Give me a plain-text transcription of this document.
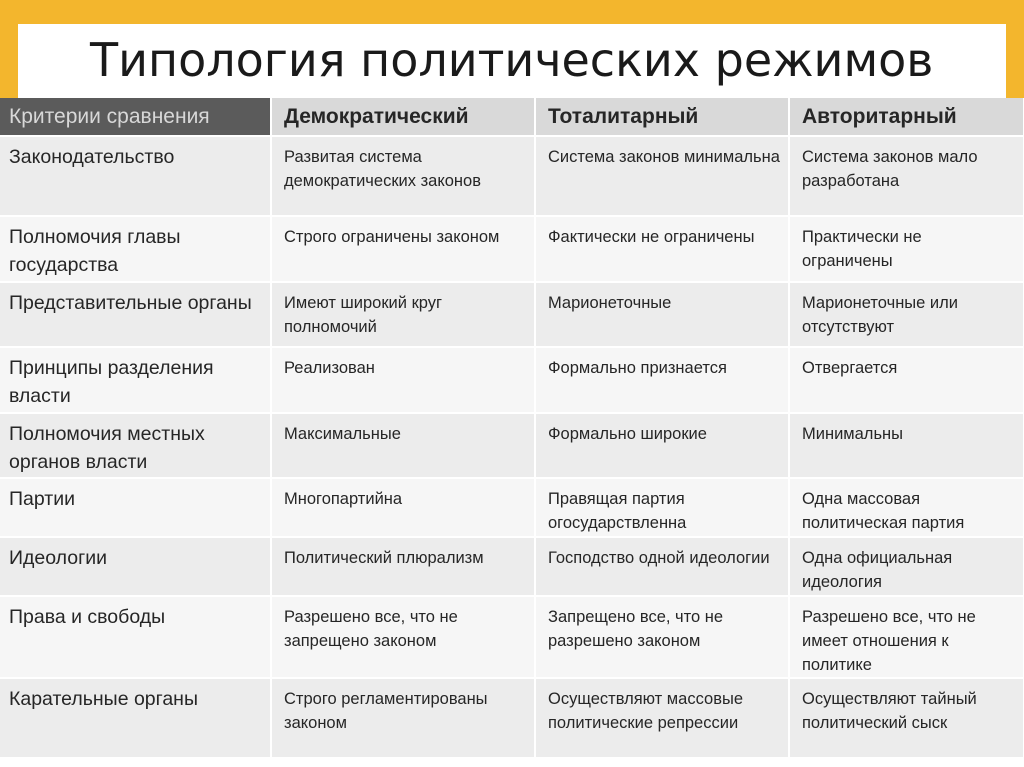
Типология политических режимов
Критерии сравнения	Демократический	Тоталитарный	Авторитарный
Законодательство	Развитая система демократических законов	Система законов минимальна	Система законов мало разработана
Полномочия главы государства	Строго ограничены законом	Фактически не ограничены	Практически не ограничены
Представительные органы	Имеют широкий круг полномочий	Марионеточные	Марионеточные или отсутствуют
Принципы разделения власти	Реализован	Формально признается	Отвергается
Полномочия местных органов власти	Максимальные	Формально широкие	Минимальны
Партии	Многопартийна	Правящая партия огосударствленна	Одна массовая политическая партия
Идеологии	Политический плюрализм	Господство одной идеологии	Одна официальная идеология
Права и свободы	Разрешено все, что не запрещено законом	Запрещено все, что не разрешено законом	Разрешено все, что не имеет отношения к политике
Карательные органы	Строго регламентированы законом	Осуществляют массовые политические репрессии	Осуществляют тайный политический сыск
